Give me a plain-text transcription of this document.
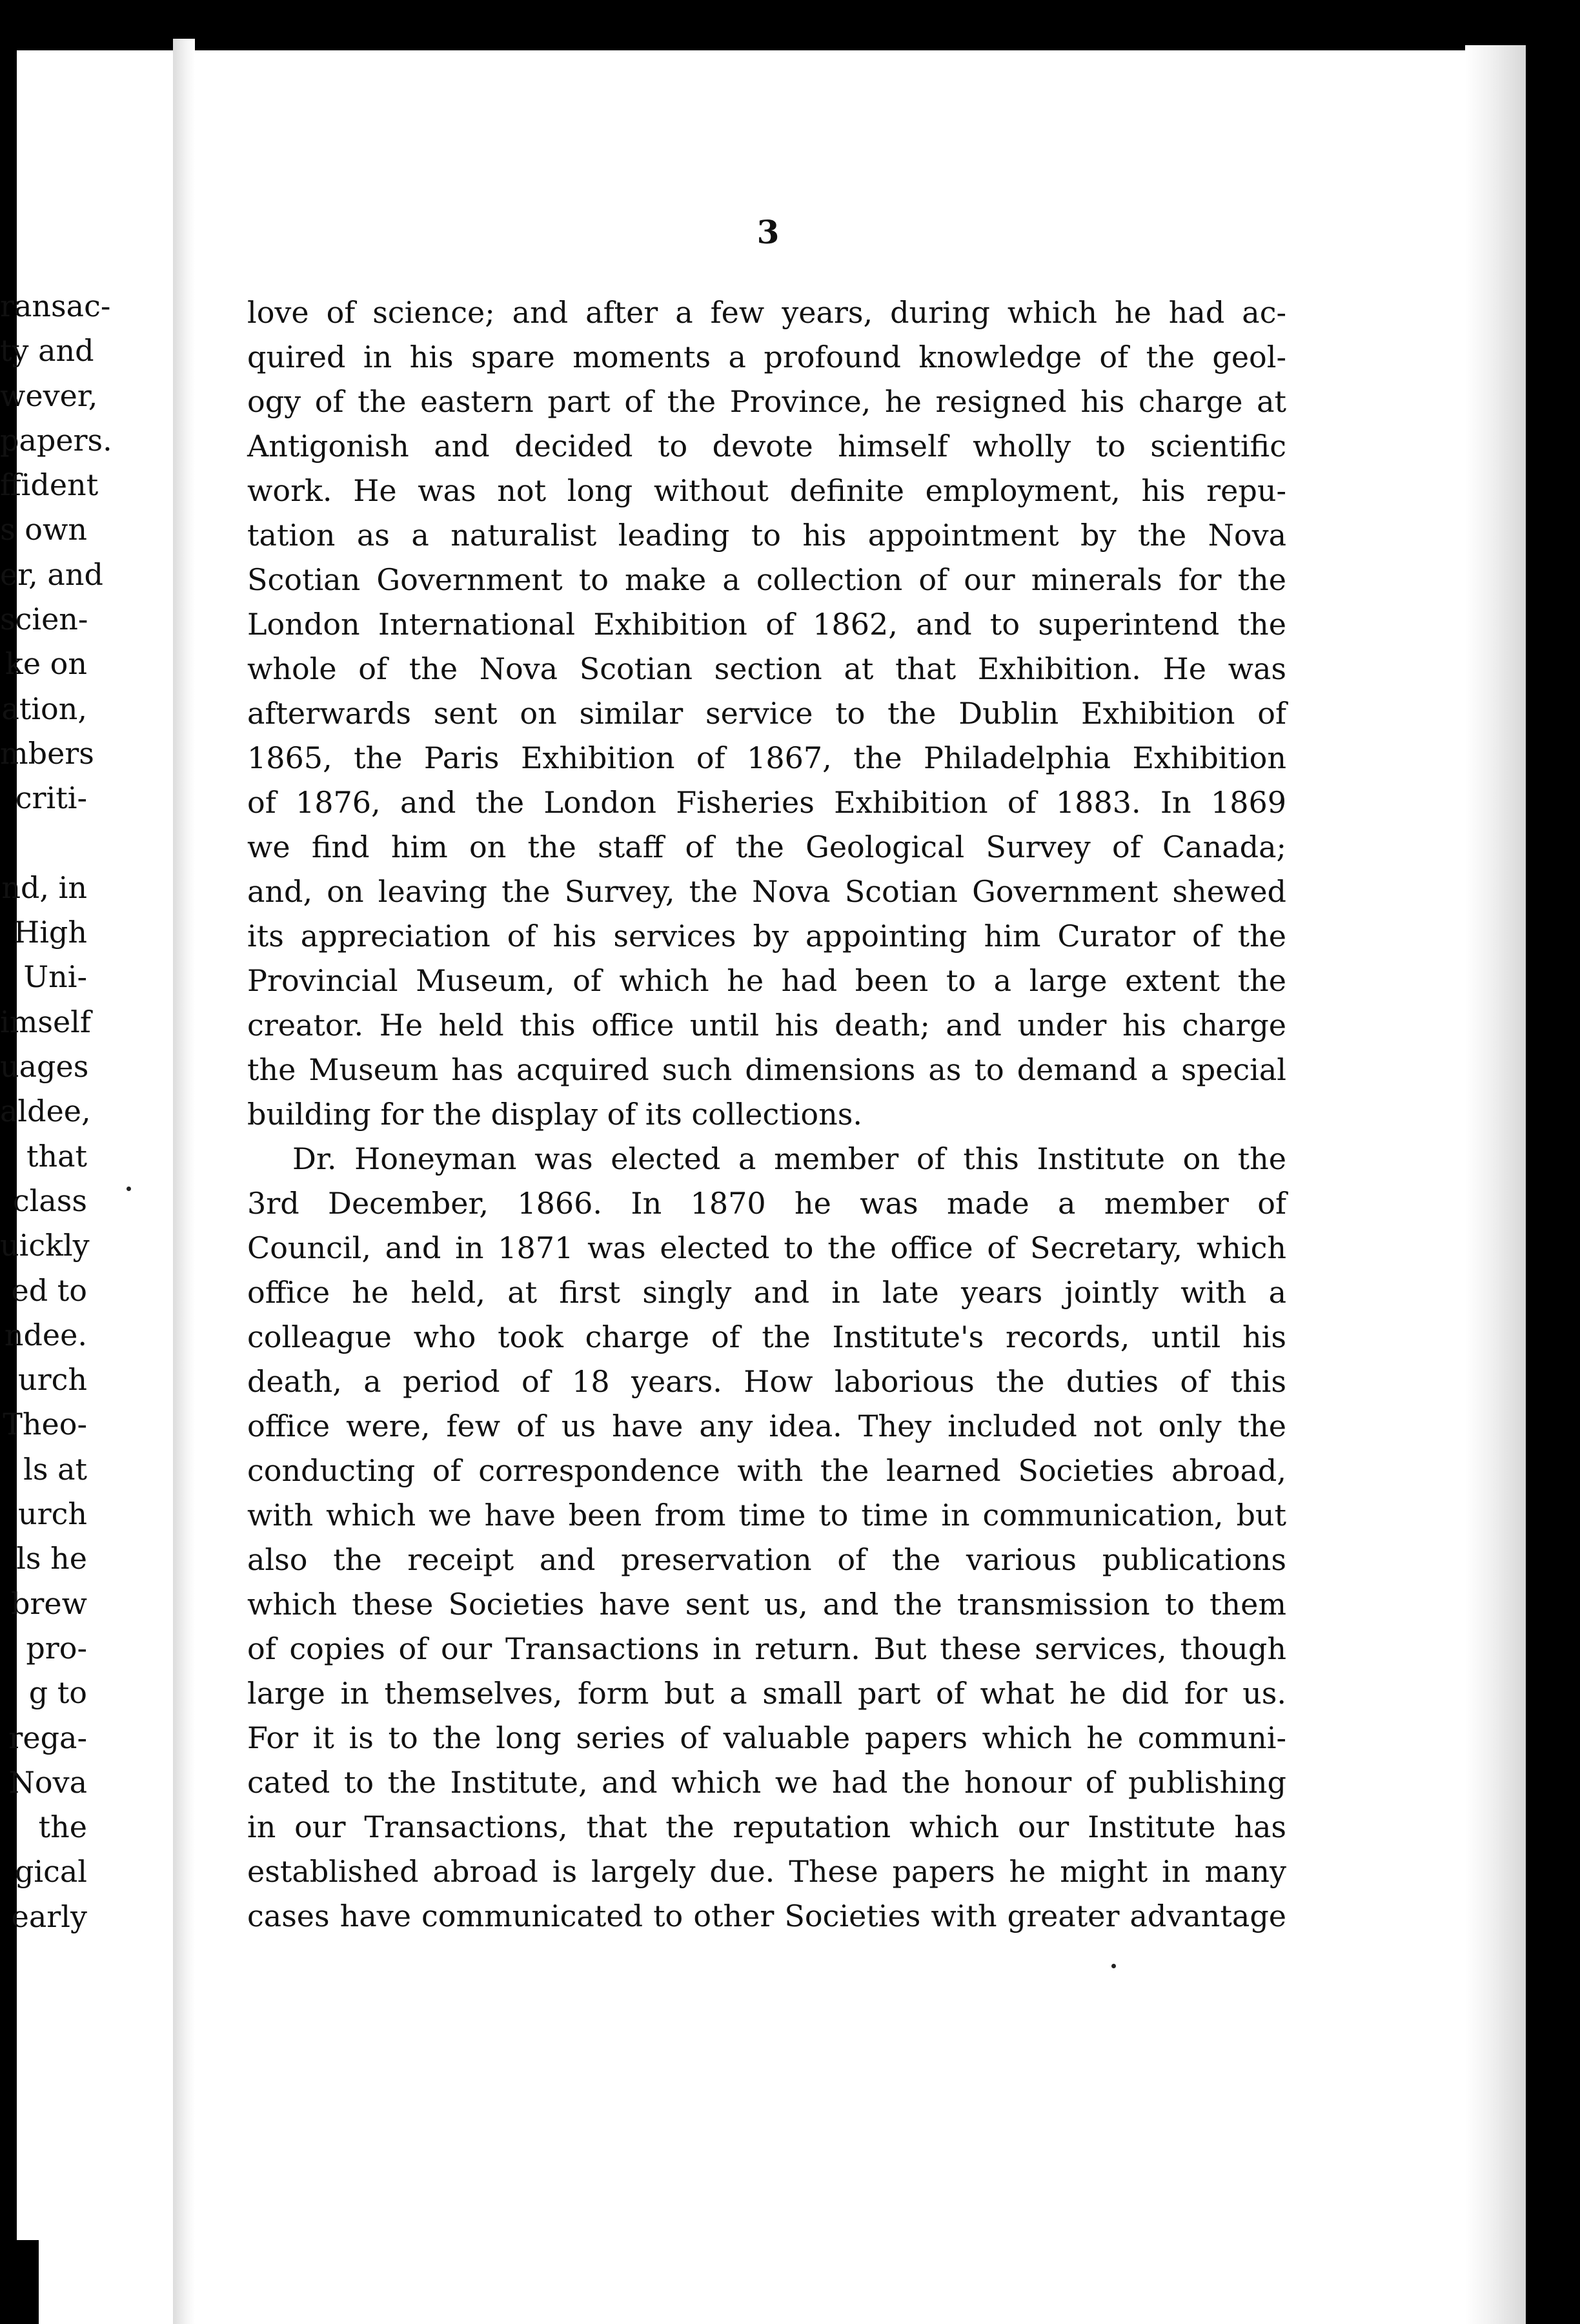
ransac-
ty and
wever,
papers.
ffident
s own
er, and
scien-
ke on
ation,
mbers
criti-
nd, in
High
Uni-
imself
uages
aldee,
that
class
uickly
ed to
ndee.
urch
Theo-
ls at
urch
ls he
brew
pro-
g to
rega-
Nova
the
gical
early
3
love of science; and after a few years, during which he had ac-
quired in his spare moments a profound knowledge of the geol-
ogy of the eastern part of the Province, he resigned his charge at
Antigonish and decided to devote himself wholly to scientific
work. He was not long without definite employment, his repu-
tation as a naturalist leading to his appointment by the Nova
Scotian Government to make a collection of our minerals for the
London International Exhibition of 1862, and to superintend the
whole of the Nova Scotian section at that Exhibition. He was
afterwards sent on similar service to the Dublin Exhibition of
1865, the Paris Exhibition of 1867, the Philadelphia Exhibition
of 1876, and the London Fisheries Exhibition of 1883. In 1869
we find him on the staff of the Geological Survey of Canada;
and, on leaving the Survey, the Nova Scotian Government shewed
its appreciation of his services by appointing him Curator of the
Provincial Museum, of which he had been to a large extent the
creator. He held this office until his death; and under his charge
the Museum has acquired such dimensions as to demand a special
building for the display of its collections.
Dr. Honeyman was elected a member of this Institute on the
3rd December, 1866. In 1870 he was made a member of
Council, and in 1871 was elected to the office of Secretary, which
office he held, at first singly and in late years jointly with a
colleague who took charge of the Institute's records, until his
death, a period of 18 years. How laborious the duties of this
office were, few of us have any idea. They included not only the
conducting of correspondence with the learned Societies abroad,
with which we have been from time to time in communication, but
also the receipt and preservation of the various publications
which these Societies have sent us, and the transmission to them
of copies of our Transactions in return. But these services, though
large in themselves, form but a small part of what he did for us.
For it is to the long series of valuable papers which he communi-
cated to the Institute, and which we had the honour of publishing
in our Transactions, that the reputation which our Institute has
established abroad is largely due. These papers he might in many
cases have communicated to other Societies with greater advantage
